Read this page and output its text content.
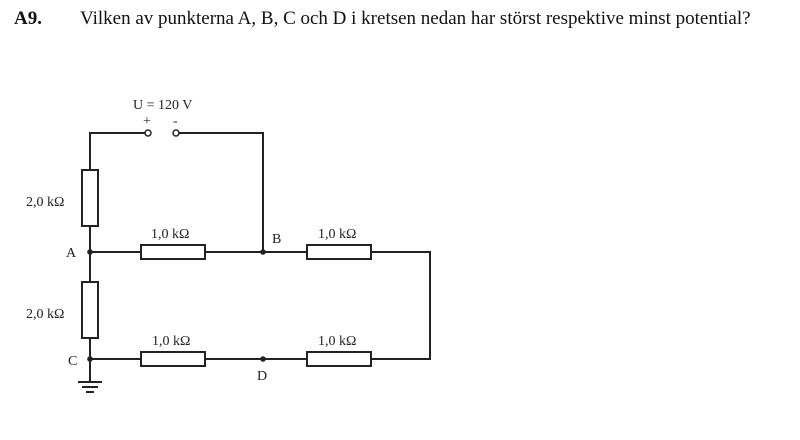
A9. Vilken av punkterna A, B, C och D i kretsen nedan har störst respektive minst potential?
U = 120 V
+ -
2,0 kΩ
2,0 kΩ
1,0 kΩ	1,0 kΩ
1,0 kΩ	1,0 kΩ
A
B
C
D
